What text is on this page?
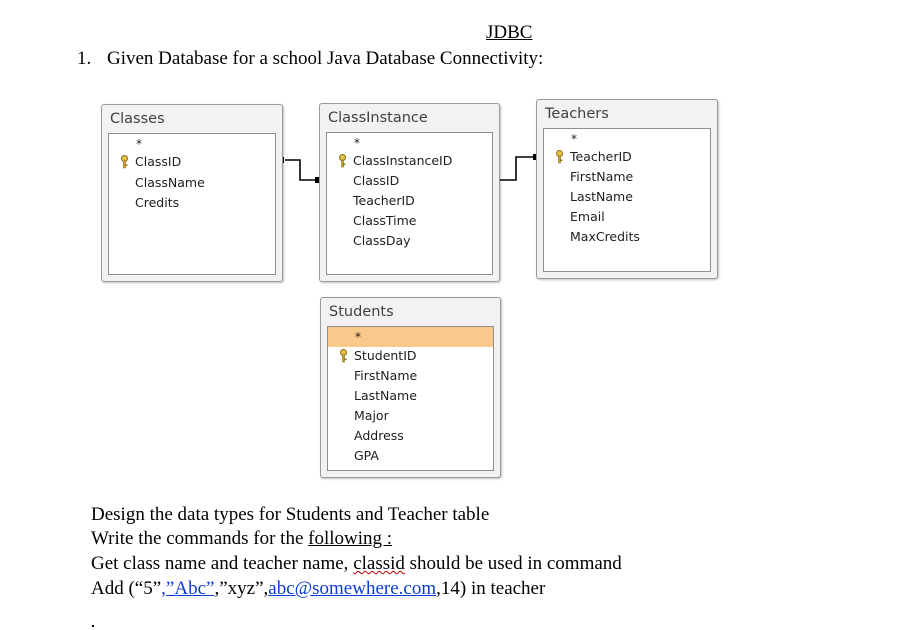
JDBC
1. Given Database for a school Java Database Connectivity:
Classes
*
ClassID
ClassName
Credits
ClassInstance
*
ClassInstanceID
ClassID
TeacherID
ClassTime
ClassDay
Teachers
*
TeacherID
FirstName
LastName
Email
MaxCredits
Students
*
StudentID
FirstName
LastName
Major
Address
GPA
Design the data types for Students and Teacher table
Write the commands for the following :
Get class name and teacher name, classid should be used in command
Add (“5”,”Abc”,”xyz”,abc@somewhere.com,14) in teacher
